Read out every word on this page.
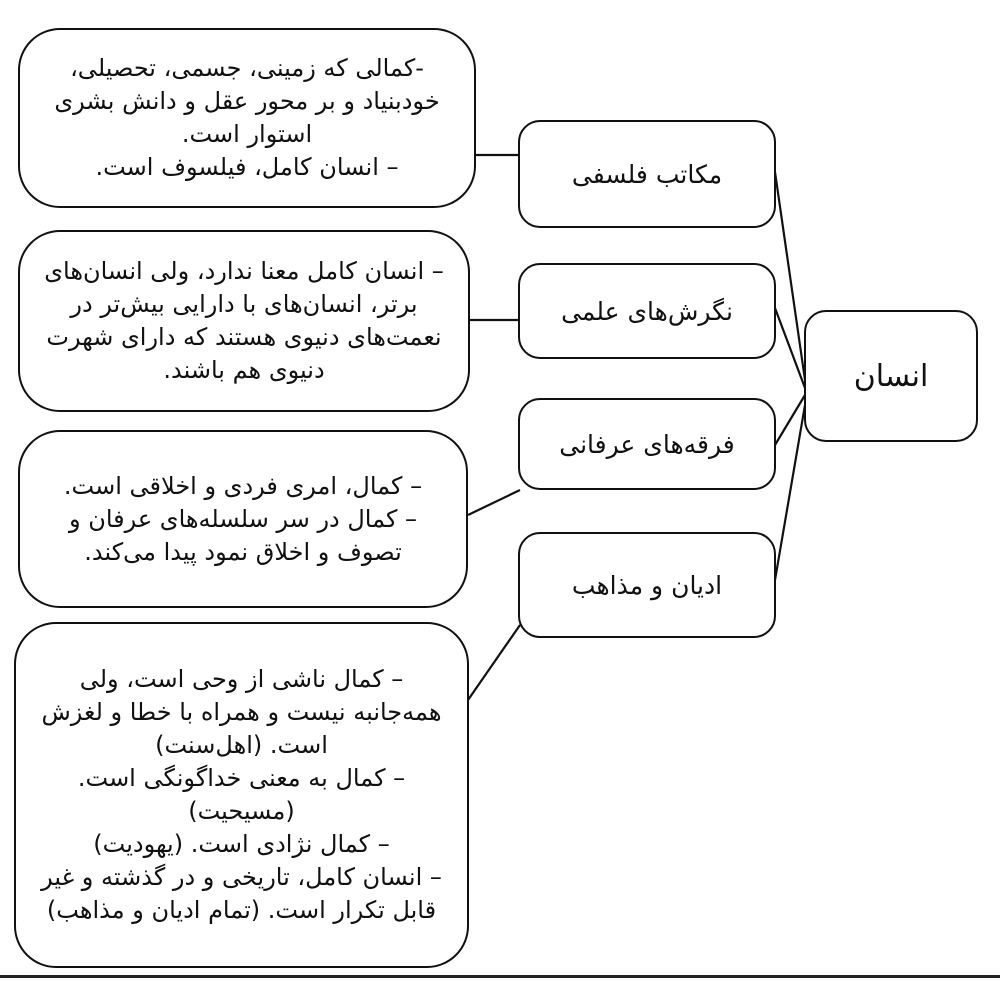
انسان
مکاتب فلسفی
نگرش‌های علمی
فرقه‌های عرفانی
ادیان و مذاهب
-کمالی که زمینی، جسمی، تحصیلی،
خودبنیاد و بر محور عقل و دانش بشری
استوار است.
– انسان کامل، فیلسوف است.
– انسان کامل معنا ندارد، ولی انسان‌های
برتر، انسان‌های با دارایی بیش‌تر در
نعمت‌های دنیوی هستند که دارای شهرت
دنیوی هم باشند.
– کمال، امری فردی و اخلاقی است.
– کمال در سر سلسله‌های عرفان و
تصوف و اخلاق نمود پیدا می‌کند.
– کمال ناشی از وحی است، ولی
همه‌جانبه نیست و همراه با خطا و لغزش
است. (اهل‌سنت)
– کمال به معنی خداگونگی است.
(مسیحیت)
– کمال نژادی است. (یهودیت)
– انسان کامل، تاریخی و در گذشته و غیر
قابل تکرار است. (تمام ادیان و مذاهب)
